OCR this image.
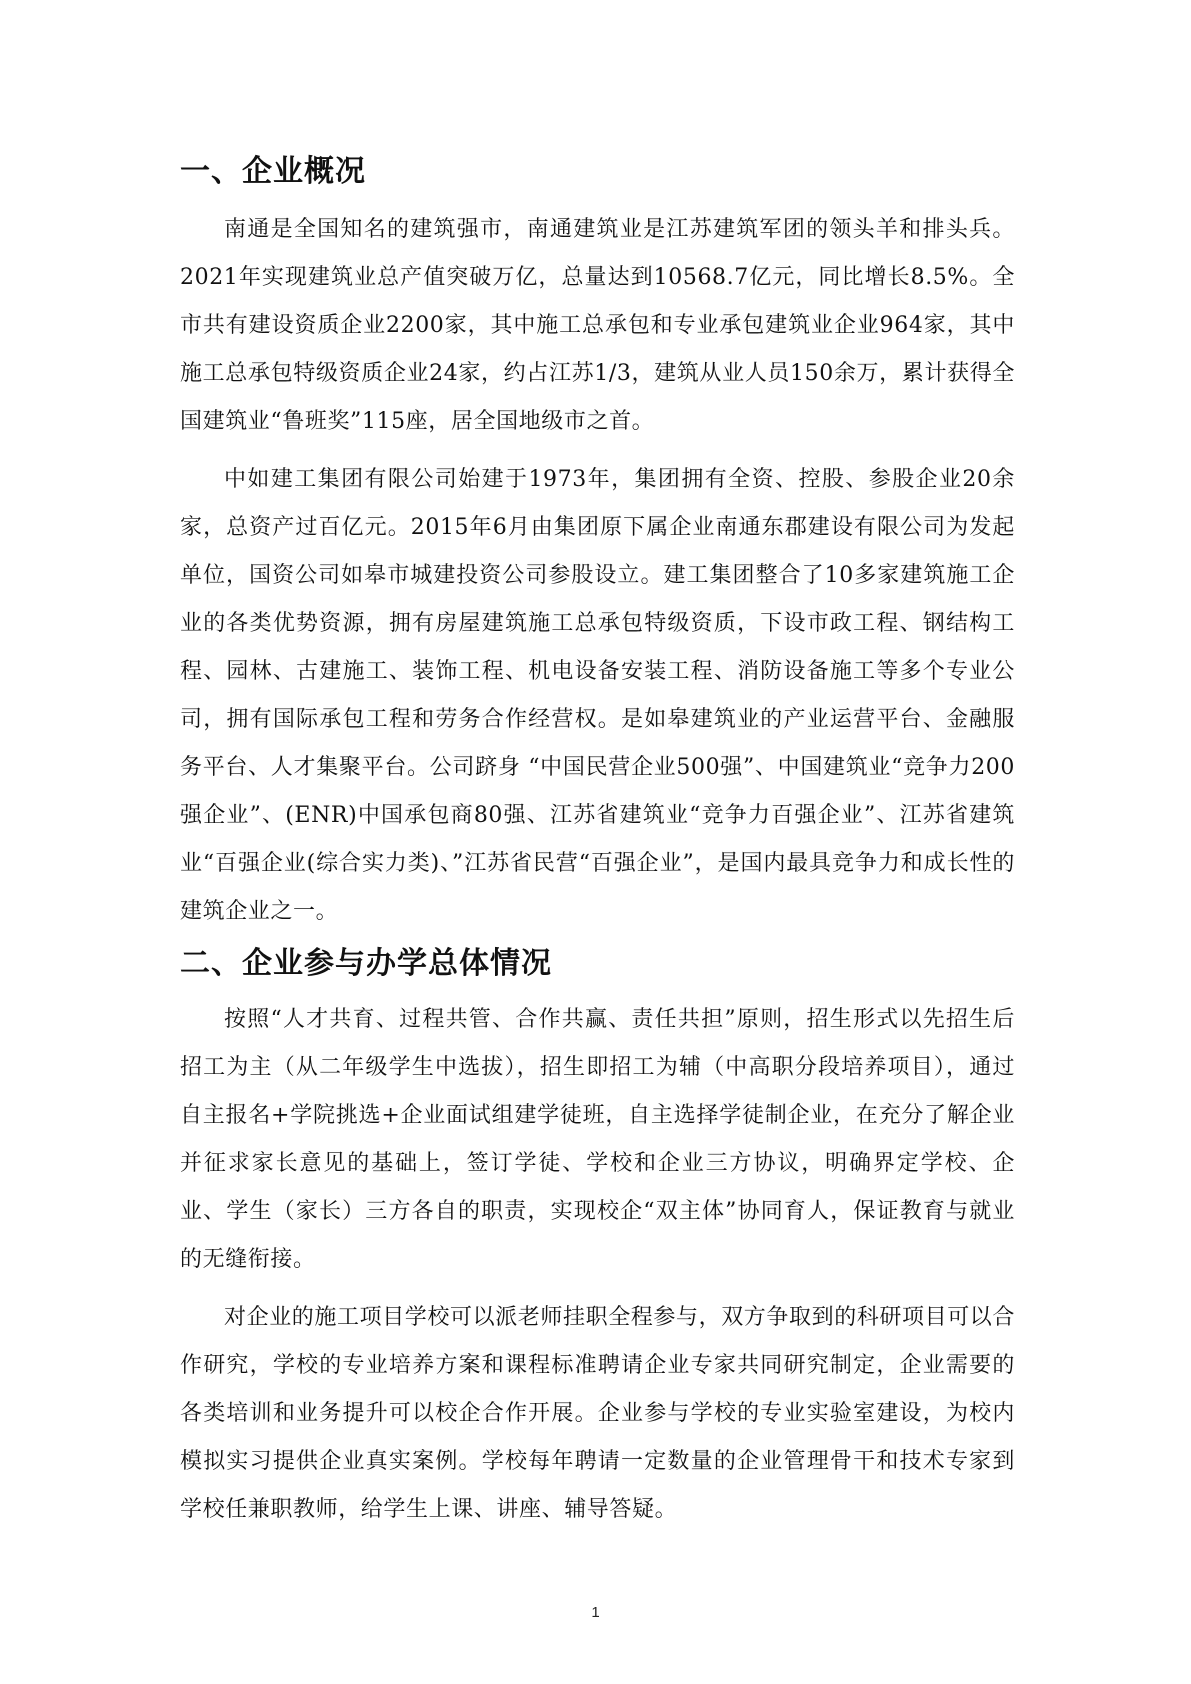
一、企业概况

南通是全国知名的建筑强市，南通建筑业是江苏建筑军团的领头羊和排头兵。2021年实现建筑业总产值突破万亿，总量达到10568.7亿元，同比增长8.5%。全市共有建设资质企业2200家，其中施工总承包和专业承包建筑业企业964家，其中施工总承包特级资质企业24家，约占江苏1/3，建筑从业人员150余万，累计获得全国建筑业“鲁班奖”115座，居全国地级市之首。

中如建工集团有限公司始建于1973年，集团拥有全资、控股、参股企业20余家，总资产过百亿元。2015年6月由集团原下属企业南通东郡建设有限公司为发起单位，国资公司如皋市城建投资公司参股设立。建工集团整合了10多家建筑施工企业的各类优势资源，拥有房屋建筑施工总承包特级资质，下设市政工程、钢结构工程、园林、古建施工、装饰工程、机电设备安装工程、消防设备施工等多个专业公司，拥有国际承包工程和劳务合作经营权。是如皋建筑业的产业运营平台、金融服务平台、人才集聚平台。公司跻身 “中国民营企业500强”、中国建筑业“竞争力200强企业”、(ENR)中国承包商80强、江苏省建筑业“竞争力百强企业”、江苏省建筑业“百强企业(综合实力类)、”江苏省民营“百强企业”，是国内最具竞争力和成长性的建筑企业之一。

二、企业参与办学总体情况

按照“人才共育、过程共管、合作共赢、责任共担”原则，招生形式以先招生后招工为主（从二年级学生中选拔），招生即招工为辅（中高职分段培养项目），通过自主报名+学院挑选+企业面试组建学徒班，自主选择学徒制企业，在充分了解企业并征求家长意见的基础上，签订学徒、学校和企业三方协议，明确界定学校、企业、学生（家长）三方各自的职责，实现校企“双主体”协同育人，保证教育与就业的无缝衔接。

对企业的施工项目学校可以派老师挂职全程参与，双方争取到的科研项目可以合作研究，学校的专业培养方案和课程标准聘请企业专家共同研究制定，企业需要的各类培训和业务提升可以校企合作开展。企业参与学校的专业实验室建设，为校内模拟实习提供企业真实案例。学校每年聘请一定数量的企业管理骨干和技术专家到学校任兼职教师，给学生上课、讲座、辅导答疑。

1
